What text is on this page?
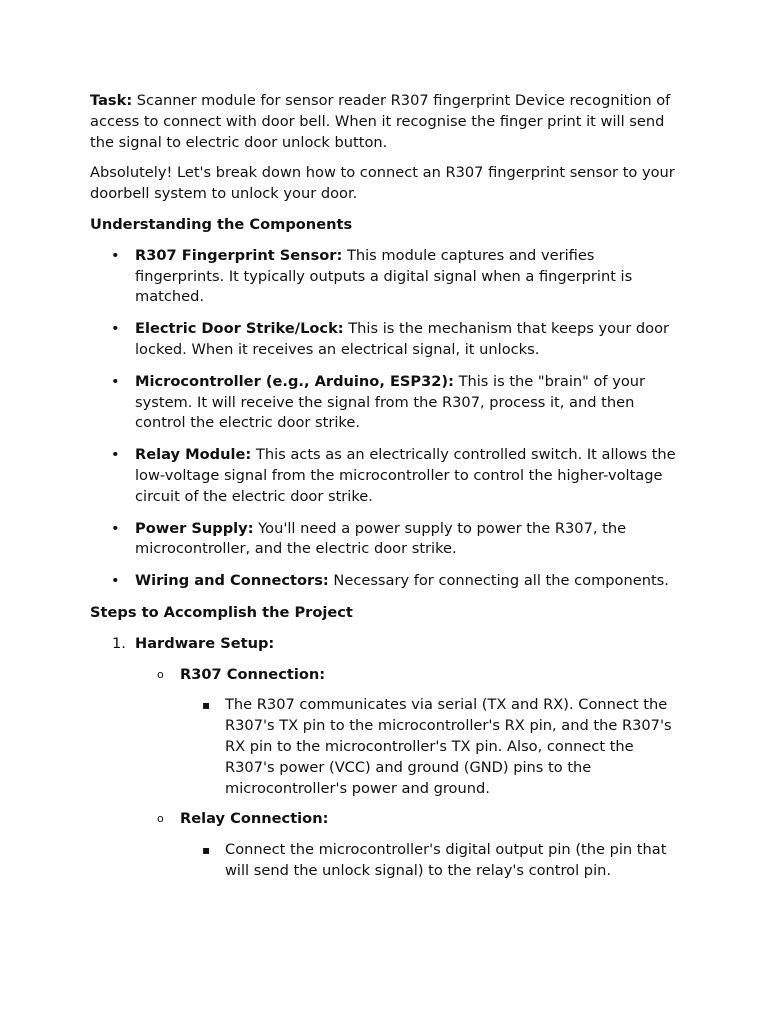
Task: Scanner module for sensor reader R307 fingerprint Device recognition of access to connect with door bell. When it recognise the finger print it will send the signal to electric door unlock button.

Absolutely! Let's break down how to connect an R307 fingerprint sensor to your doorbell system to unlock your door.

Understanding the Components
• R307 Fingerprint Sensor: This module captures and verifies fingerprints. It typically outputs a digital signal when a fingerprint is matched.
• Electric Door Strike/Lock: This is the mechanism that keeps your door locked. When it receives an electrical signal, it unlocks.
• Microcontroller (e.g., Arduino, ESP32): This is the "brain" of your system. It will receive the signal from the R307, process it, and then control the electric door strike.
• Relay Module: This acts as an electrically controlled switch. It allows the low-voltage signal from the microcontroller to control the higher-voltage circuit of the electric door strike.
• Power Supply: You'll need a power supply to power the R307, the microcontroller, and the electric door strike.
• Wiring and Connectors: Necessary for connecting all the components.
Steps to Accomplish the Project
1. Hardware Setup:
o R307 Connection:
▪ The R307 communicates via serial (TX and RX). Connect the R307's TX pin to the microcontroller's RX pin, and the R307's RX pin to the microcontroller's TX pin. Also, connect the R307's power (VCC) and ground (GND) pins to the microcontroller's power and ground.
o Relay Connection:
▪ Connect the microcontroller's digital output pin (the pin that will send the unlock signal) to the relay's control pin.
